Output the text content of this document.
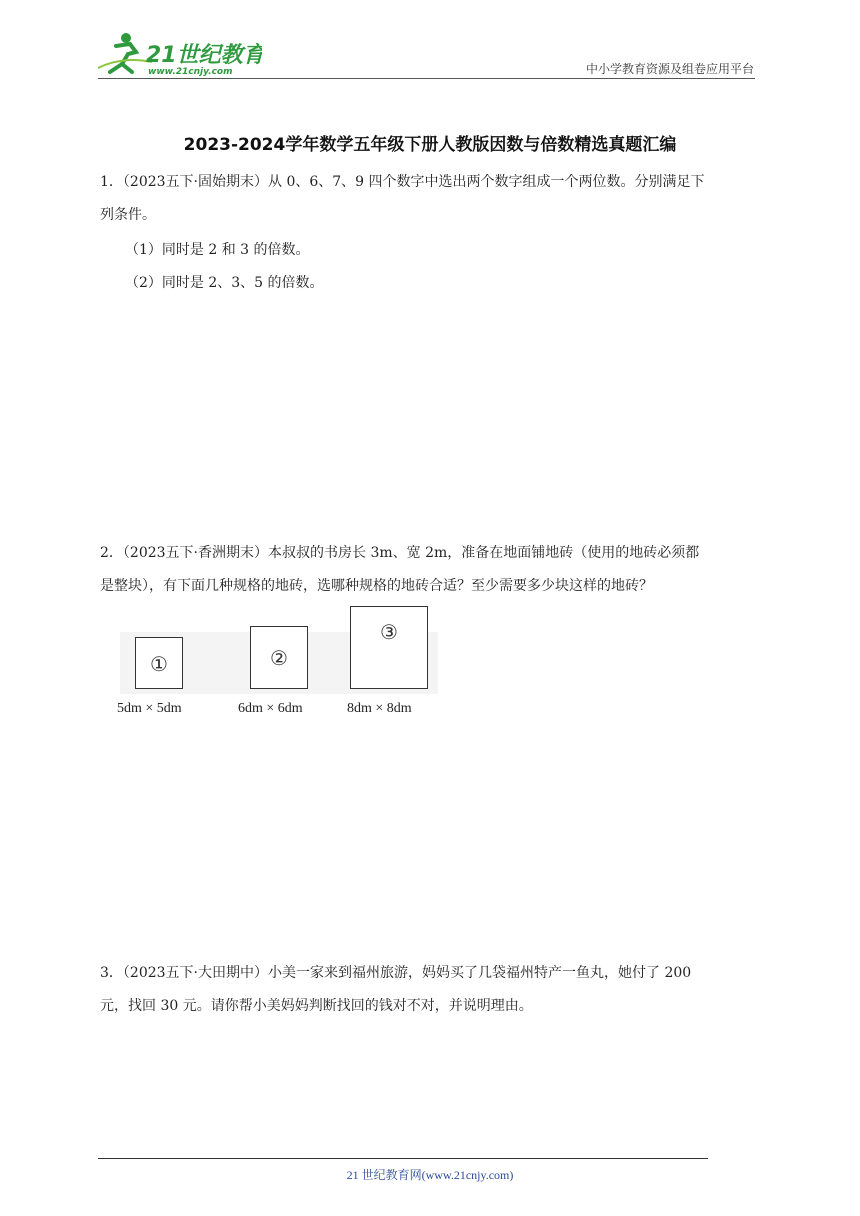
21世纪教育
www.21cnjy.com	中小学教育资源及组卷应用平台
2023-2024学年数学五年级下册人教版因数与倍数精选真题汇编
1．（2023五下·固始期末）从 0、6、7、9 四个数字中选出两个数字组成一个两位数。分别满足下
列条件。
（1）同时是 2 和 3 的倍数。
（2）同时是 2、3、5 的倍数。
2．（2023五下·香洲期末）本叔叔的书房长 3m、宽 2m，准备在地面铺地砖（使用的地砖必须都
是整块），有下面几种规格的地砖，选哪种规格的地砖合适？至少需要多少块这样的地砖？
①
5dm × 5dm
②
6dm × 6dm
③
8dm × 8dm
3．（2023五下·大田期中）小美一家来到福州旅游，妈妈买了几袋福州特产一鱼丸，她付了 200
元，找回 30 元。请你帮小美妈妈判断找回的钱对不对，并说明理由。
21 世纪教育网(www.21cnjy.com)
